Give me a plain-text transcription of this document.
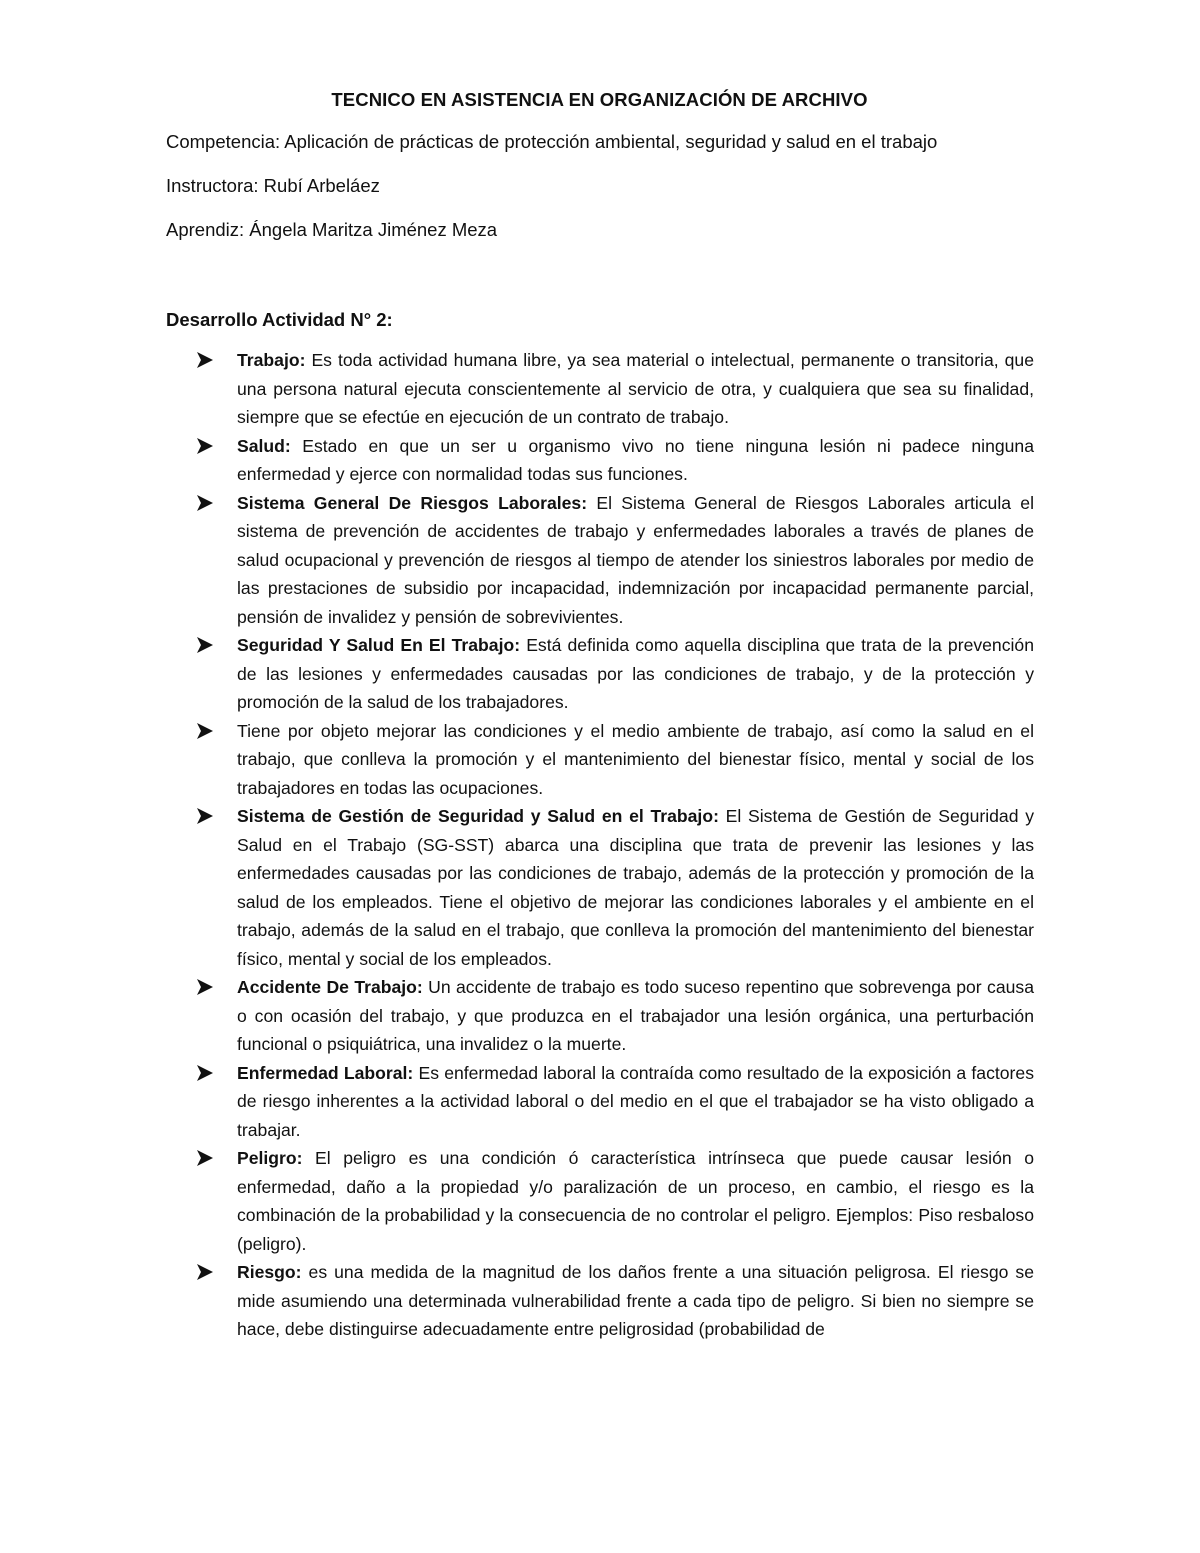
TECNICO EN ASISTENCIA EN ORGANIZACIÓN DE ARCHIVO
Competencia: Aplicación de prácticas de protección ambiental, seguridad y salud en el trabajo
Instructora: Rubí Arbeláez
Aprendiz: Ángela Maritza Jiménez Meza
Desarrollo Actividad N° 2:
Trabajo: Es toda actividad humana libre, ya sea material o intelectual, permanente o transitoria, que una persona natural ejecuta conscientemente al servicio de otra, y cualquiera que sea su finalidad, siempre que se efectúe en ejecución de un contrato de trabajo.
Salud: Estado en que un ser u organismo vivo no tiene ninguna lesión ni padece ninguna enfermedad y ejerce con normalidad todas sus funciones.
Sistema General De Riesgos Laborales: El Sistema General de Riesgos Laborales articula el sistema de prevención de accidentes de trabajo y enfermedades laborales a través de planes de salud ocupacional y prevención de riesgos al tiempo de atender los siniestros laborales por medio de las prestaciones de subsidio por incapacidad, indemnización por incapacidad permanente parcial, pensión de invalidez y pensión de sobrevivientes.
Seguridad Y Salud En El Trabajo: Está definida como aquella disciplina que trata de la prevención de las lesiones y enfermedades causadas por las condiciones de trabajo, y de la protección y promoción de la salud de los trabajadores.
Tiene por objeto mejorar las condiciones y el medio ambiente de trabajo, así como la salud en el trabajo, que conlleva la promoción y el mantenimiento del bienestar físico, mental y social de los trabajadores en todas las ocupaciones.
Sistema de Gestión de Seguridad y Salud en el Trabajo: El Sistema de Gestión de Seguridad y Salud en el Trabajo (SG-SST) abarca una disciplina que trata de prevenir las lesiones y las enfermedades causadas por las condiciones de trabajo, además de la protección y promoción de la salud de los empleados. Tiene el objetivo de mejorar las condiciones laborales y el ambiente en el trabajo, además de la salud en el trabajo, que conlleva la promoción del mantenimiento del bienestar físico, mental y social de los empleados.
Accidente De Trabajo: Un accidente de trabajo es todo suceso repentino que sobrevenga por causa o con ocasión del trabajo, y que produzca en el trabajador una lesión orgánica, una perturbación funcional o psiquiátrica, una invalidez o la muerte.
Enfermedad Laboral: Es enfermedad laboral la contraída como resultado de la exposición a factores de riesgo inherentes a la actividad laboral o del medio en el que el trabajador se ha visto obligado a trabajar.
Peligro: El peligro es una condición ó característica intrínseca que puede causar lesión o enfermedad, daño a la propiedad y/o paralización de un proceso, en cambio, el riesgo es la combinación de la probabilidad y la consecuencia de no controlar el peligro. Ejemplos: Piso resbaloso (peligro).
Riesgo: es una medida de la magnitud de los daños frente a una situación peligrosa. El riesgo se mide asumiendo una determinada vulnerabilidad frente a cada tipo de peligro. Si bien no siempre se hace, debe distinguirse adecuadamente entre peligrosidad (probabilidad de
